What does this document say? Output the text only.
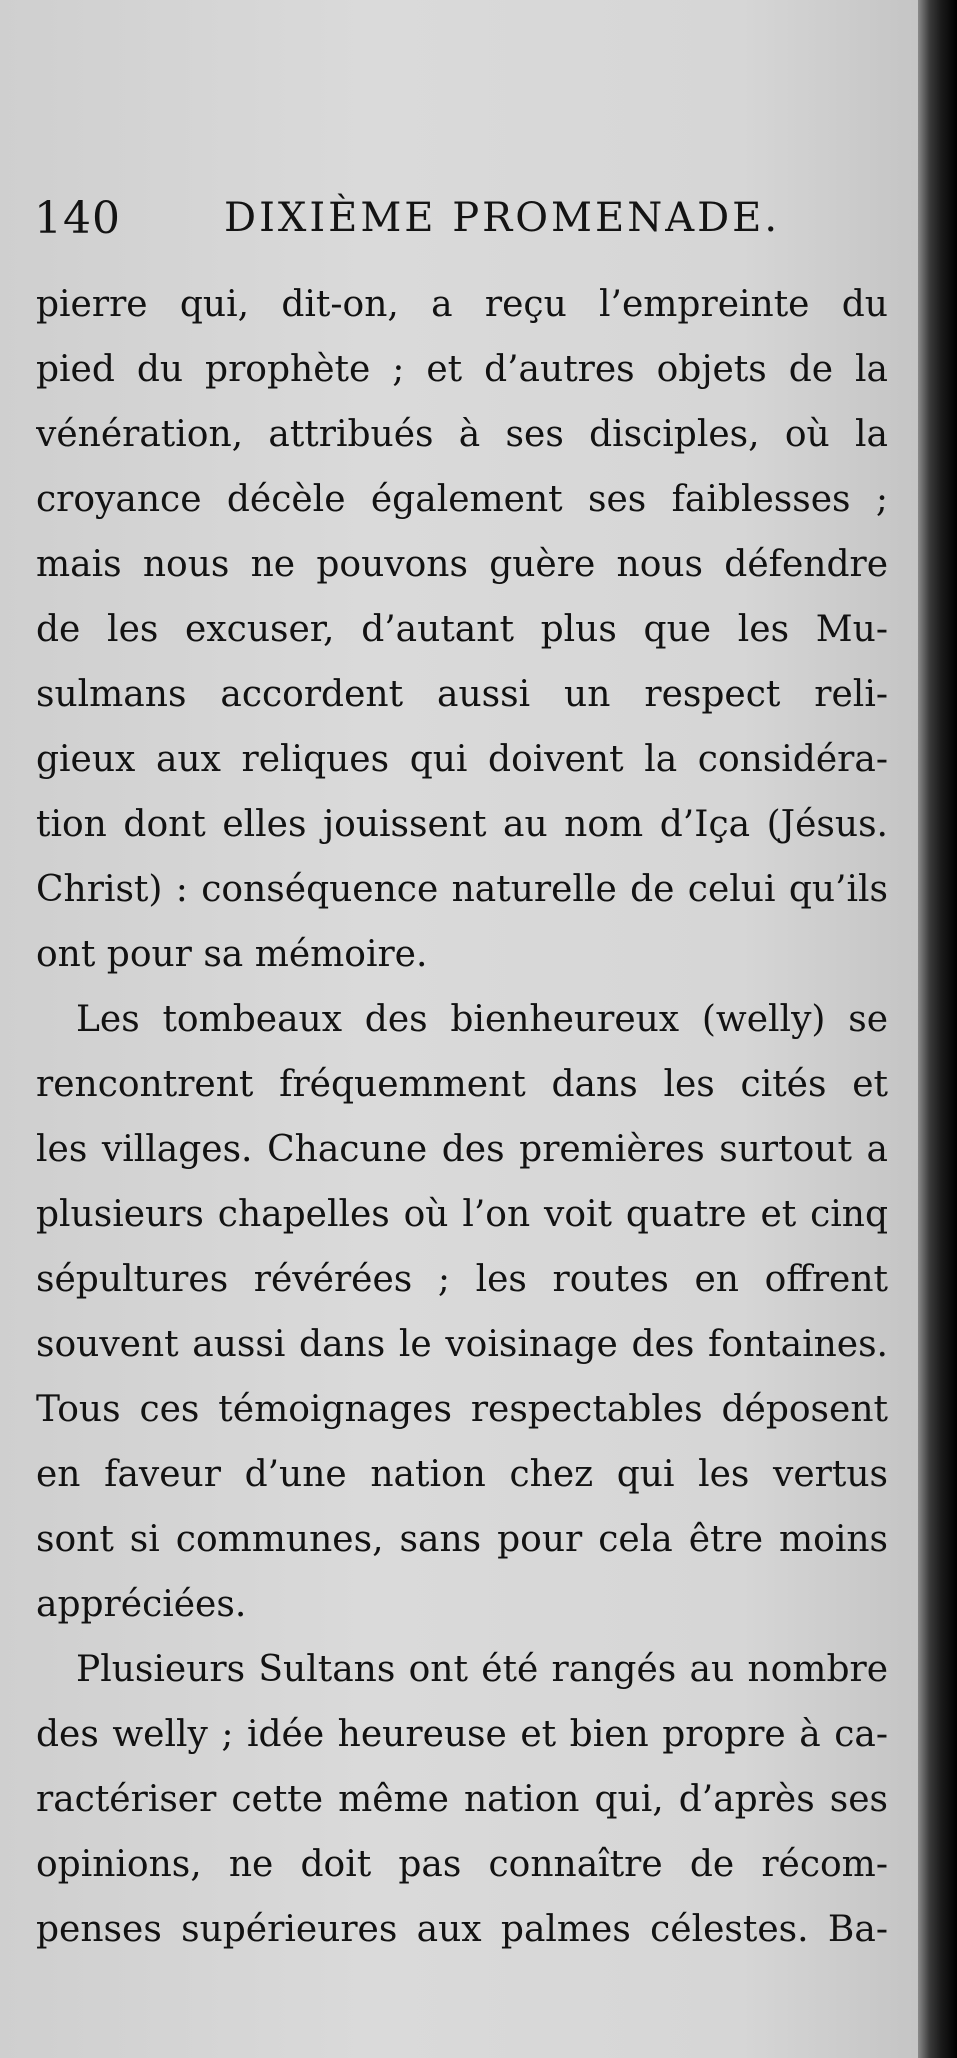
140	DIXIÈME PROMENADE.
pierre qui, dit-on, a reçu l’empreinte du
pied du prophète ; et d’autres objets de la
vénération, attribués à ses disciples, où la
croyance décèle également ses faiblesses ;
mais nous ne pouvons guère nous défendre
de les excuser, d’autant plus que les Mu-
sulmans accordent aussi un respect reli-
gieux aux reliques qui doivent la considéra-
tion dont elles jouissent au nom d’Iça (Jésus.
Christ) : conséquence naturelle de celui qu’ils
ont pour sa mémoire.
Les tombeaux des bienheureux (welly) se
rencontrent fréquemment dans les cités et
les villages. Chacune des premières surtout a
plusieurs chapelles où l’on voit quatre et cinq
sépultures révérées ; les routes en offrent
souvent aussi dans le voisinage des fontaines.
Tous ces témoignages respectables déposent
en faveur d’une nation chez qui les vertus
sont si communes, sans pour cela être moins
appréciées.
Plusieurs Sultans ont été rangés au nombre
des welly ; idée heureuse et bien propre à ca-
ractériser cette même nation qui, d’après ses
opinions, ne doit pas connaître de récom-
penses supérieures aux palmes célestes. Ba-
